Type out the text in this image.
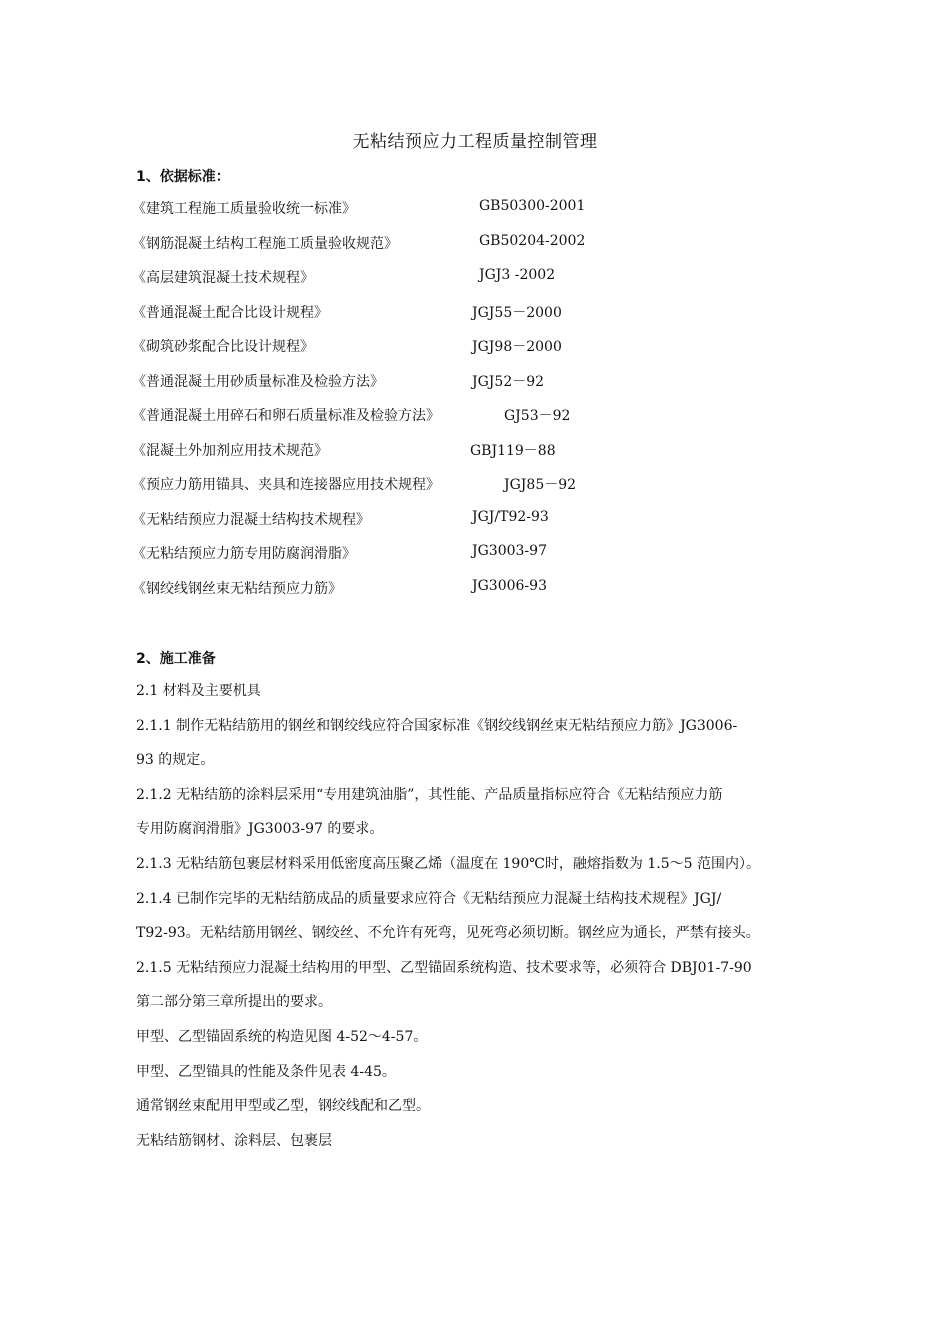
无粘结预应力工程质量控制管理
1、依据标准：
《建筑工程施工质量验收统一标准》	GB50300-2001
《钢筋混凝土结构工程施工质量验收规范》	GB50204-2002
《高层建筑混凝土技术规程》	JGJ3 -2002
《普通混凝土配合比设计规程》	JGJ55－2000
《砌筑砂浆配合比设计规程》	JGJ98－2000
《普通混凝土用砂质量标准及检验方法》	JGJ52－92
《普通混凝土用碎石和卵石质量标准及检验方法》	GJ53－92
《混凝土外加剂应用技术规范》	GBJ119－88
《预应力筋用锚具、夹具和连接器应用技术规程》	JGJ85－92
《无粘结预应力混凝土结构技术规程》	JGJ/T92-93
《无粘结预应力筋专用防腐润滑脂》	JG3003-97
《钢绞线钢丝束无粘结预应力筋》	JG3006-93
2、施工准备

2.1 材料及主要机具

2.1.1 制作无粘结筋用的钢丝和钢绞线应符合国家标准《钢绞线钢丝束无粘结预应力筋》JG3006-

93 的规定。

2.1.2 无粘结筋的涂料层采用“专用建筑油脂”，其性能、产品质量指标应符合《无粘结预应力筋

专用防腐润滑脂》JG3003-97 的要求。

2.1.3 无粘结筋包裹层材料采用低密度高压聚乙烯（温度在 190℃时，融熔指数为 1.5～5 范围内）。

2.1.4 已制作完毕的无粘结筋成品的质量要求应符合《无粘结预应力混凝土结构技术规程》JGJ/

T92-93。无粘结筋用钢丝、钢绞丝、不允许有死弯，见死弯必须切断。钢丝应为通长，严禁有接头。

2.1.5 无粘结预应力混凝土结构用的甲型、乙型锚固系统构造、技术要求等，必须符合 DBJ01-7-90

第二部分第三章所提出的要求。

甲型、乙型锚固系统的构造见图 4-52～4-57。

甲型、乙型锚具的性能及条件见表 4-45。

通常钢丝束配用甲型或乙型，钢绞线配和乙型。

无粘结筋钢材、涂料层、包裹层
